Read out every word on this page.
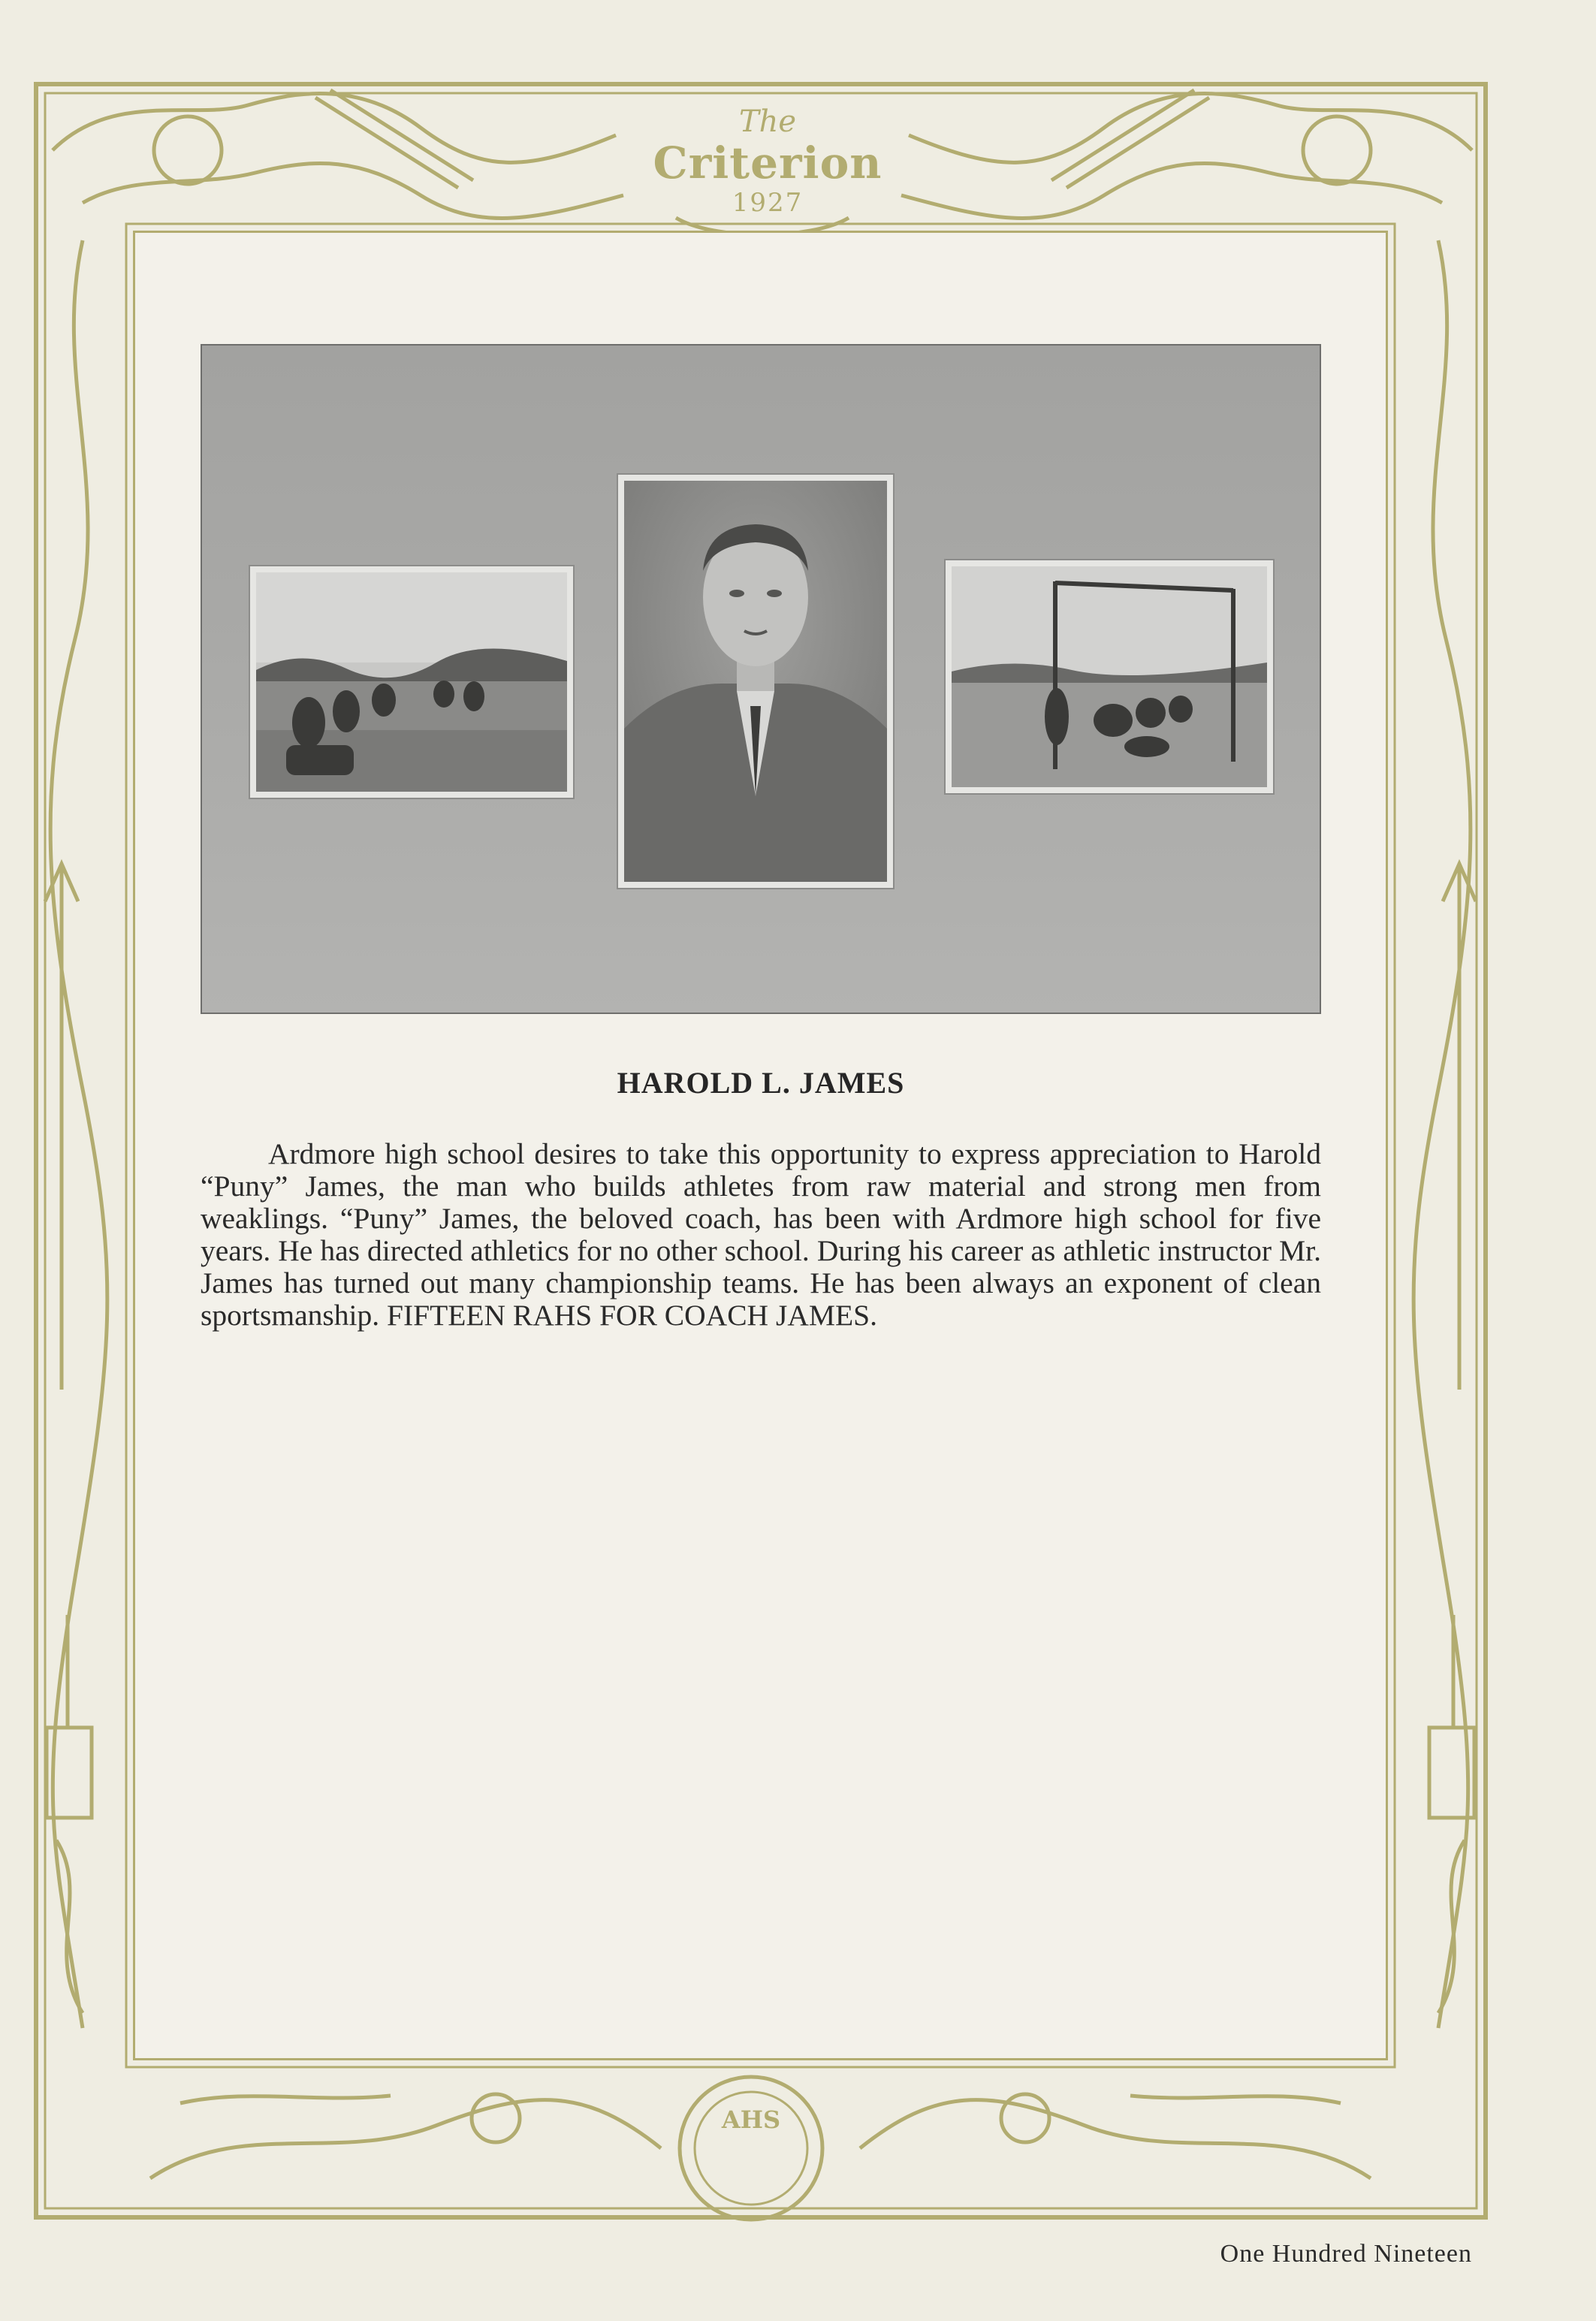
The
Criterion
1927
HAROLD L. JAMES
Ardmore high school desires to take this opportunity to express appreciation to Harold “Puny” James, the man who builds athletes from raw material and strong men from weaklings. “Puny” James, the beloved coach, has been with Ardmore high school for five years. He has directed athletics for no other school. During his career as athletic instructor Mr. James has turned out many championship teams. He has been always an exponent of clean sportsmanship. FIFTEEN RAHS FOR COACH JAMES.
AHS
One Hundred Nineteen
